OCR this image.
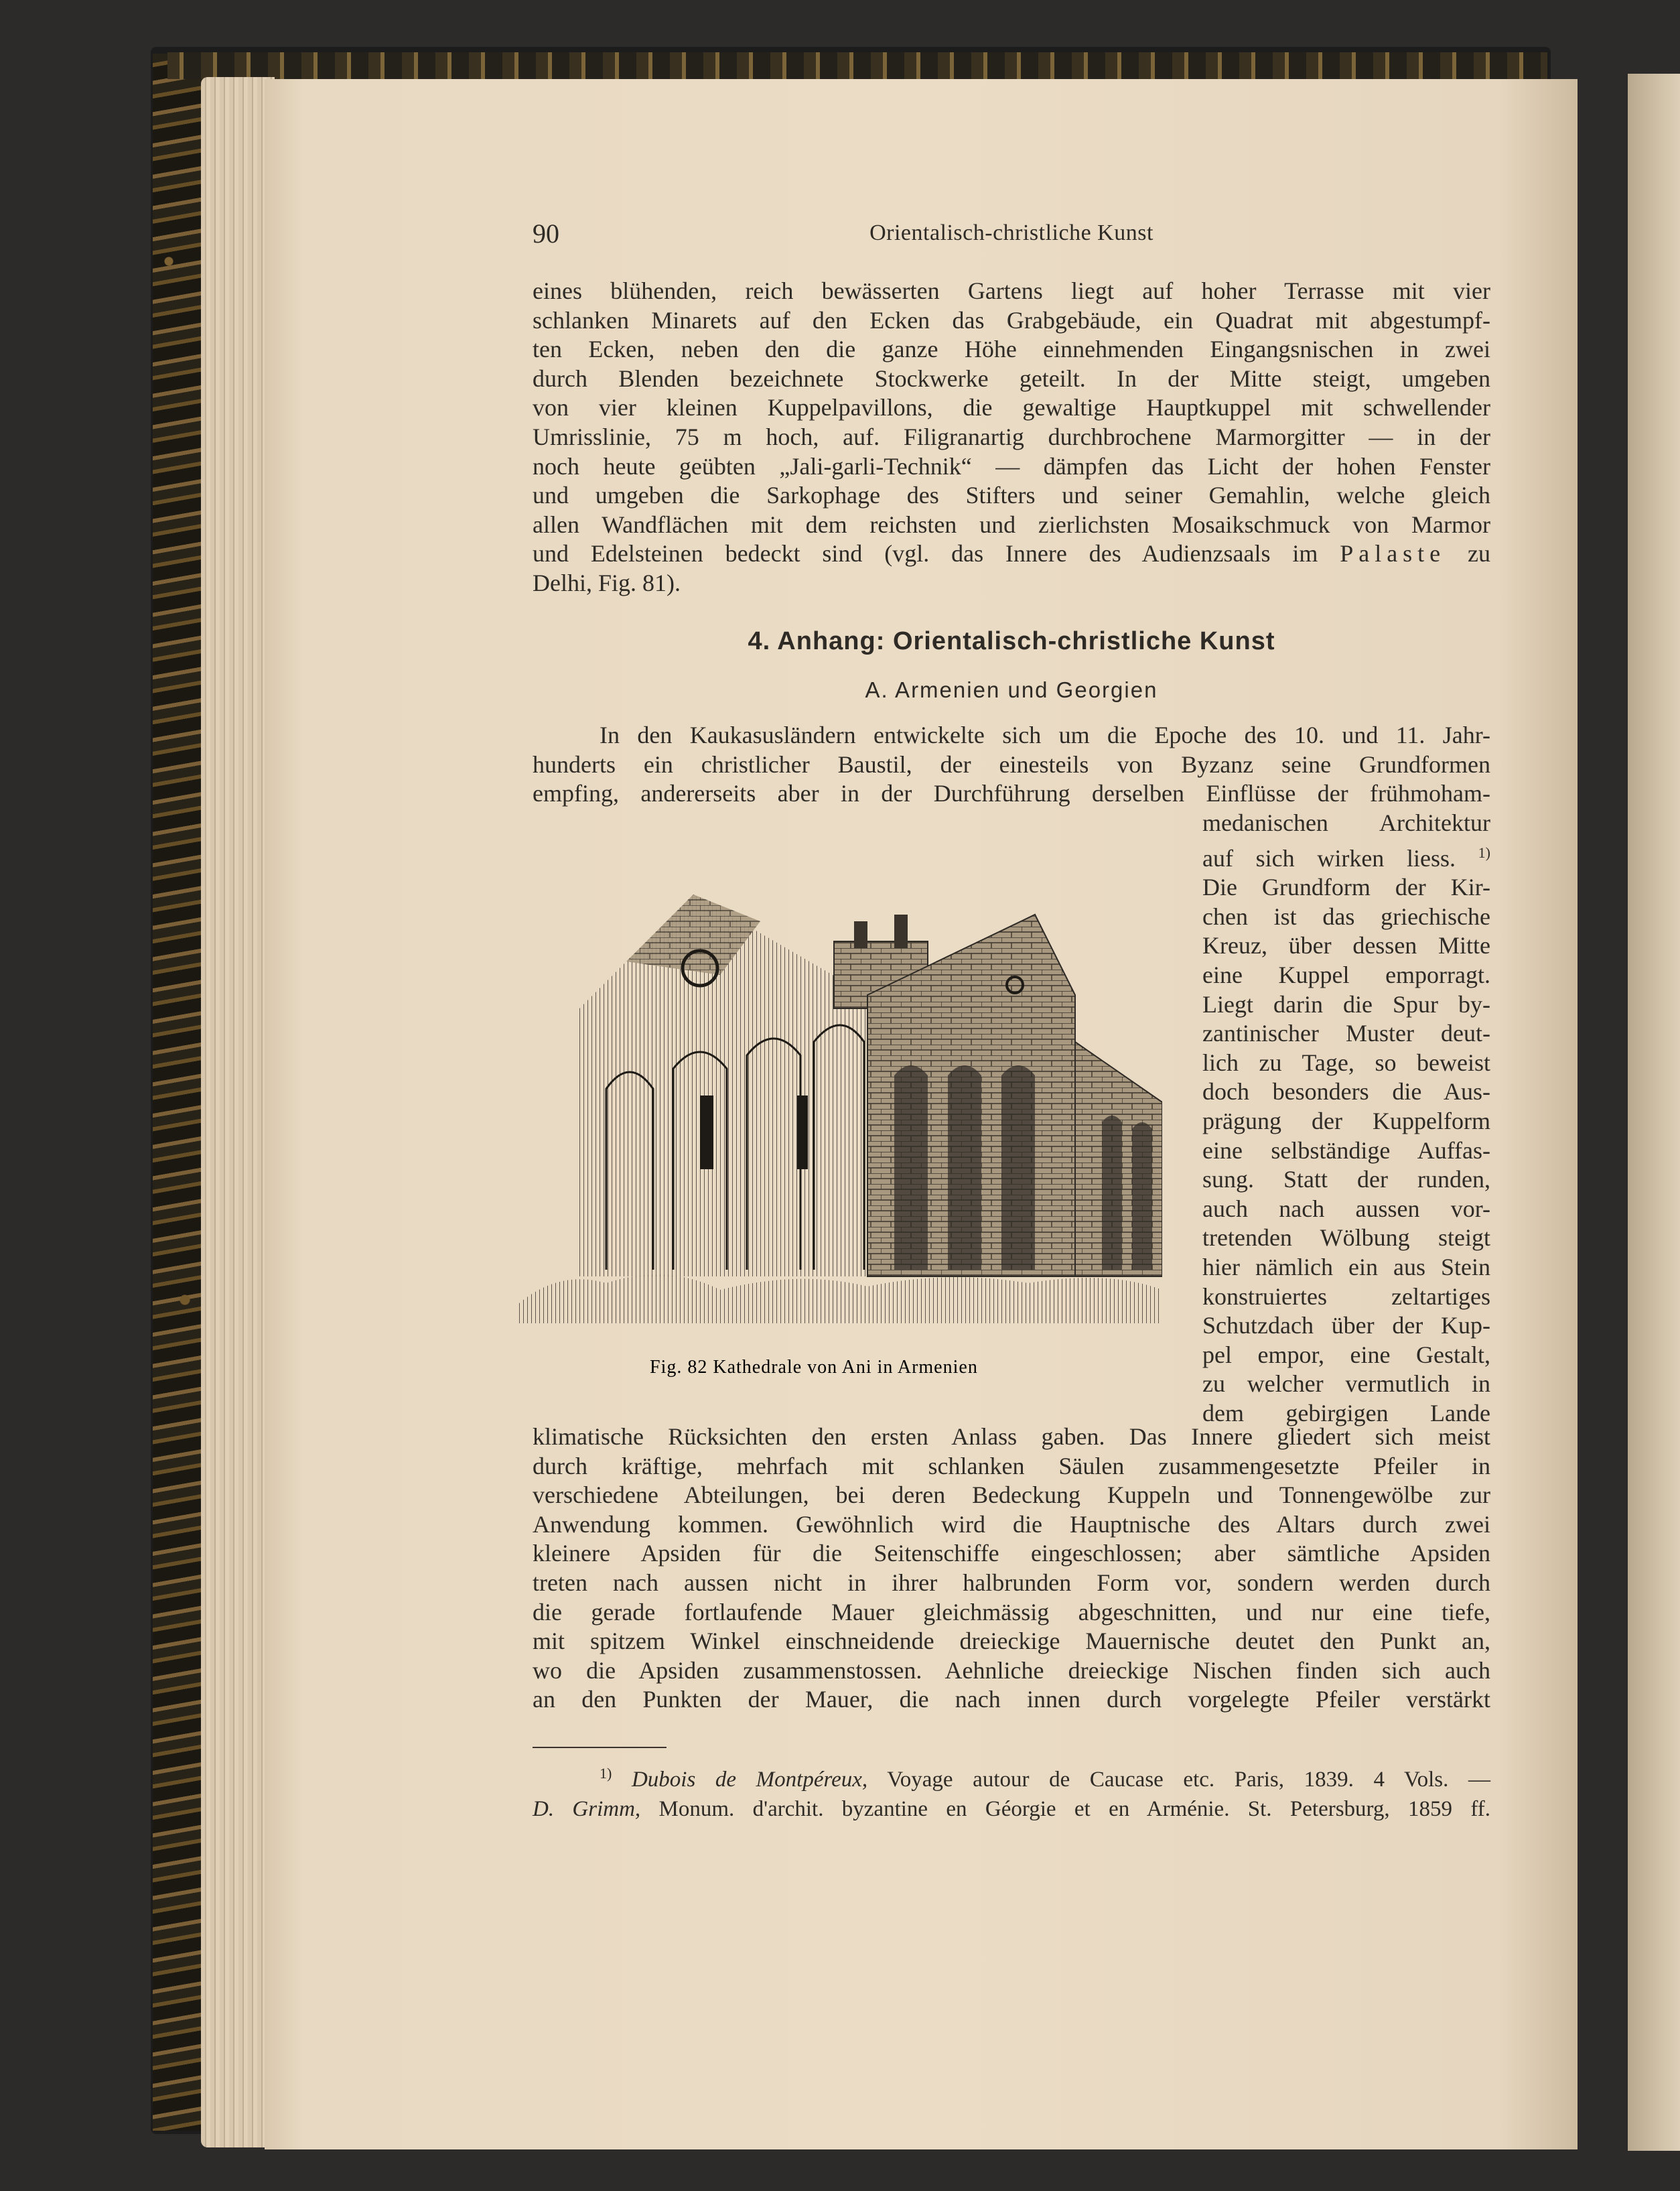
90	Orientalisch-christliche Kunst
eines blühenden, reich bewässerten Gartens liegt auf hoher Terrasse mit vier
schlanken Minarets auf den Ecken das Grabgebäude, ein Quadrat mit abgestumpf-
ten Ecken, neben den die ganze Höhe einnehmenden Eingangsnischen in zwei
durch Blenden bezeichnete Stockwerke geteilt. In der Mitte steigt, umgeben
von vier kleinen Kuppelpavillons, die gewaltige Hauptkuppel mit schwellender
Umrisslinie, 75 m hoch, auf. Filigranartig durchbrochene Marmorgitter — in der
noch heute geübten „Jali-garli-Technik“ — dämpfen das Licht der hohen Fenster
und umgeben die Sarkophage des Stifters und seiner Gemahlin, welche gleich
allen Wandflächen mit dem reichsten und zierlichsten Mosaikschmuck von Marmor
und Edelsteinen bedeckt sind (vgl. das Innere des Audienzsaals im Palaste zu
Delhi, Fig. 81).
4. Anhang: Orientalisch-christliche Kunst
A. Armenien und Georgien
In den Kaukasusländern entwickelte sich um die Epoche des 10. und 11. Jahr-
hunderts ein christlicher Baustil, der einesteils von Byzanz seine Grundformen
empfing, andererseits aber in der Durchführung derselben Einflüsse der frühmoham-
medanischen Architektur
auf sich wirken liess. $^{1)}$
Die Grundform der Kir-
chen ist das griechische
Kreuz, über dessen Mitte
eine Kuppel emporragt.
Liegt darin die Spur by-
zantinischer Muster deut-
lich zu Tage, so beweist
doch besonders die Aus-
prägung der Kuppelform
eine selbständige Auffas-
sung. Statt der runden,
auch nach aussen vor-
tretenden Wölbung steigt
hier nämlich ein aus Stein
konstruiertes zeltartiges
Schutzdach über der Kup-
pel empor, eine Gestalt,
zu welcher vermutlich in
dem gebirgigen Lande
klimatische Rücksichten den ersten Anlass gaben. Das Innere gliedert sich meist
durch kräftige, mehrfach mit schlanken Säulen zusammengesetzte Pfeiler in
verschiedene Abteilungen, bei deren Bedeckung Kuppeln und Tonnengewölbe zur
Anwendung kommen. Gewöhnlich wird die Hauptnische des Altars durch zwei
kleinere Apsiden für die Seitenschiffe eingeschlossen; aber sämtliche Apsiden
treten nach aussen nicht in ihrer halbrunden Form vor, sondern werden durch
die gerade fortlaufende Mauer gleichmässig abgeschnitten, und nur eine tiefe,
mit spitzem Winkel einschneidende dreieckige Mauernische deutet den Punkt an,
wo die Apsiden zusammenstossen. Aehnliche dreieckige Nischen finden sich auch
an den Punkten der Mauer, die nach innen durch vorgelegte Pfeiler verstärkt
Fig. 82 Kathedrale von Ani in Armenien
$^{1)}$ Dubois de Montpéreux, Voyage autour de Caucase etc. Paris, 1839. 4 Vols. —
D. Grimm, Monum. d'archit. byzantine en Géorgie et en Arménie. St. Petersburg, 1859 ff.
